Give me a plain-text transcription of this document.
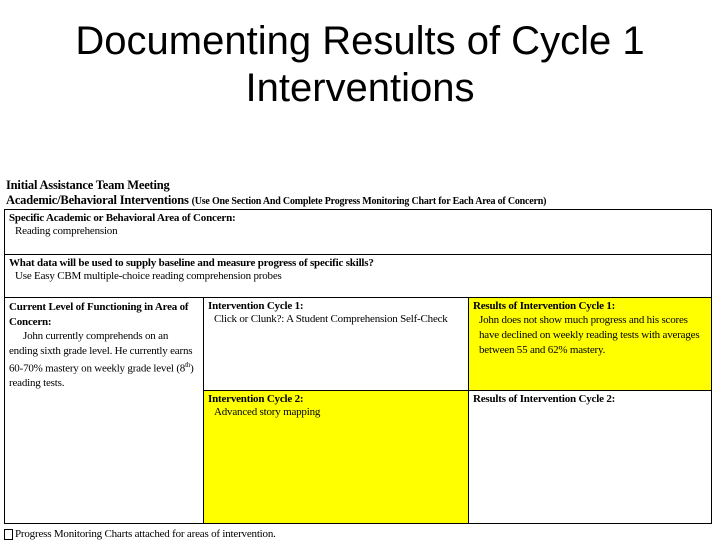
Documenting Results of Cycle 1
Interventions
Initial Assistance Team Meeting
Academic/Behavioral Interventions (Use One Section And Complete Progress Monitoring Chart for Each Area of Concern)
Specific Academic or Behavioral Area of Concern:
Reading comprehension
What data will be used to supply baseline and measure progress of specific skills?
Use Easy CBM multiple-choice reading comprehension probes
Current Level of Functioning in Area of Concern:
John currently comprehends on an ending sixth grade level. He currently earns 60-70% mastery on weekly grade level (8th) reading tests.
Intervention Cycle 1:
Click or Clunk?: A Student Comprehension Self-Check
Results of Intervention Cycle 1:
John does not show much progress and his scores have declined on weekly reading tests with averages between 55 and 62% mastery.
Intervention Cycle 2:
Advanced story mapping
Results of Intervention Cycle 2:
Progress Monitoring Charts attached for areas of intervention.
